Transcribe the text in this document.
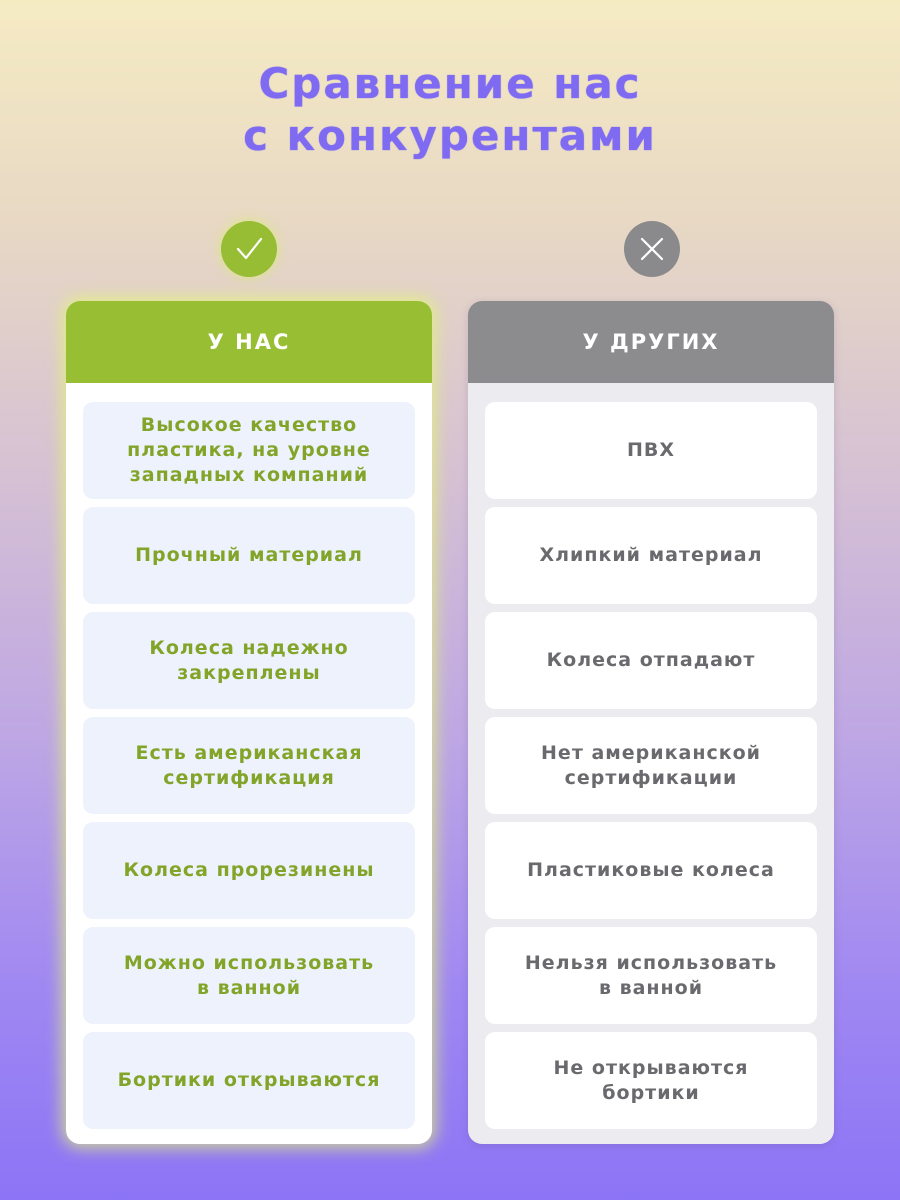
Сравнение нас
с конкурентами
У НАС
Высокое качество
пластика, на уровне
западных компаний
Прочный материал
Колеса надежно
закреплены
Есть американская
сертификация
Колеса прорезинены
Можно использовать
в ванной
Бортики открываются
У ДРУГИХ
ПВХ
Хлипкий материал
Колеса отпадают
Нет американской
сертификации
Пластиковые колеса
Нельзя использовать
в ванной
Не открываются
бортики
